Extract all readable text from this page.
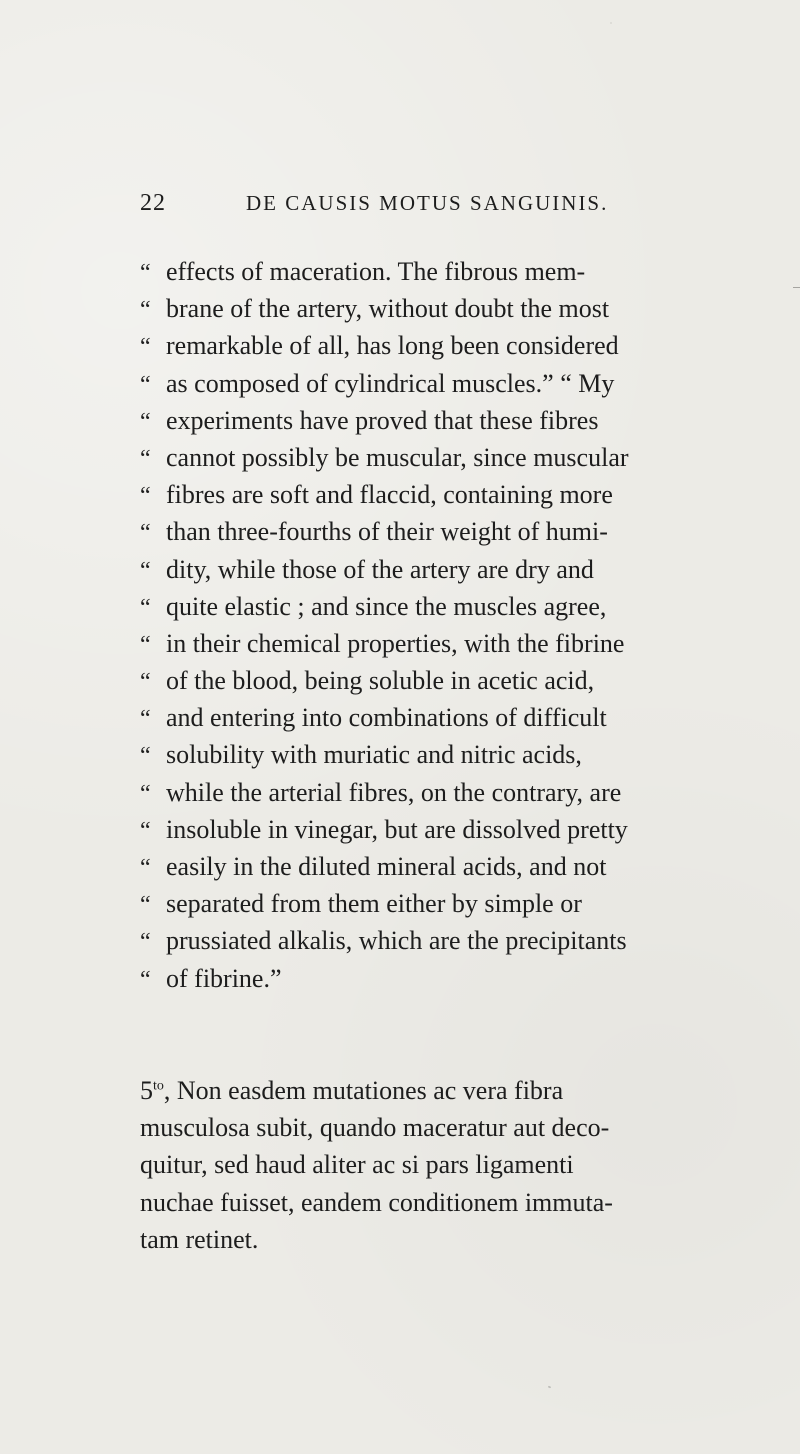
22	DE CAUSIS MOTUS SANGUINIS.
“ effects of maceration. The fibrous mem-
“ brane of the artery, without doubt the most
“ remarkable of all, has long been considered
“ as composed of cylindrical muscles.” “ My
“ experiments have proved that these fibres
“ cannot possibly be muscular, since muscular
“ fibres are soft and flaccid, containing more
“ than three-fourths of their weight of humi-
“ dity, while those of the artery are dry and
“ quite elastic ; and since the muscles agree,
“ in their chemical properties, with the fibrine
“ of the blood, being soluble in acetic acid,
“ and entering into combinations of difficult
“ solubility with muriatic and nitric acids,
“ while the arterial fibres, on the contrary, are
“ insoluble in vinegar, but are dissolved pretty
“ easily in the diluted mineral acids, and not
“ separated from them either by simple or
“ prussiated alkalis, which are the precipitants
“ of fibrine.”
$5^{to}$, Non easdem mutationes ac vera fibra
musculosa subit, quando maceratur aut deco-
quitur, sed haud aliter ac si pars ligamenti
nuchae fuisset, eandem conditionem immuta-
tam retinet.
